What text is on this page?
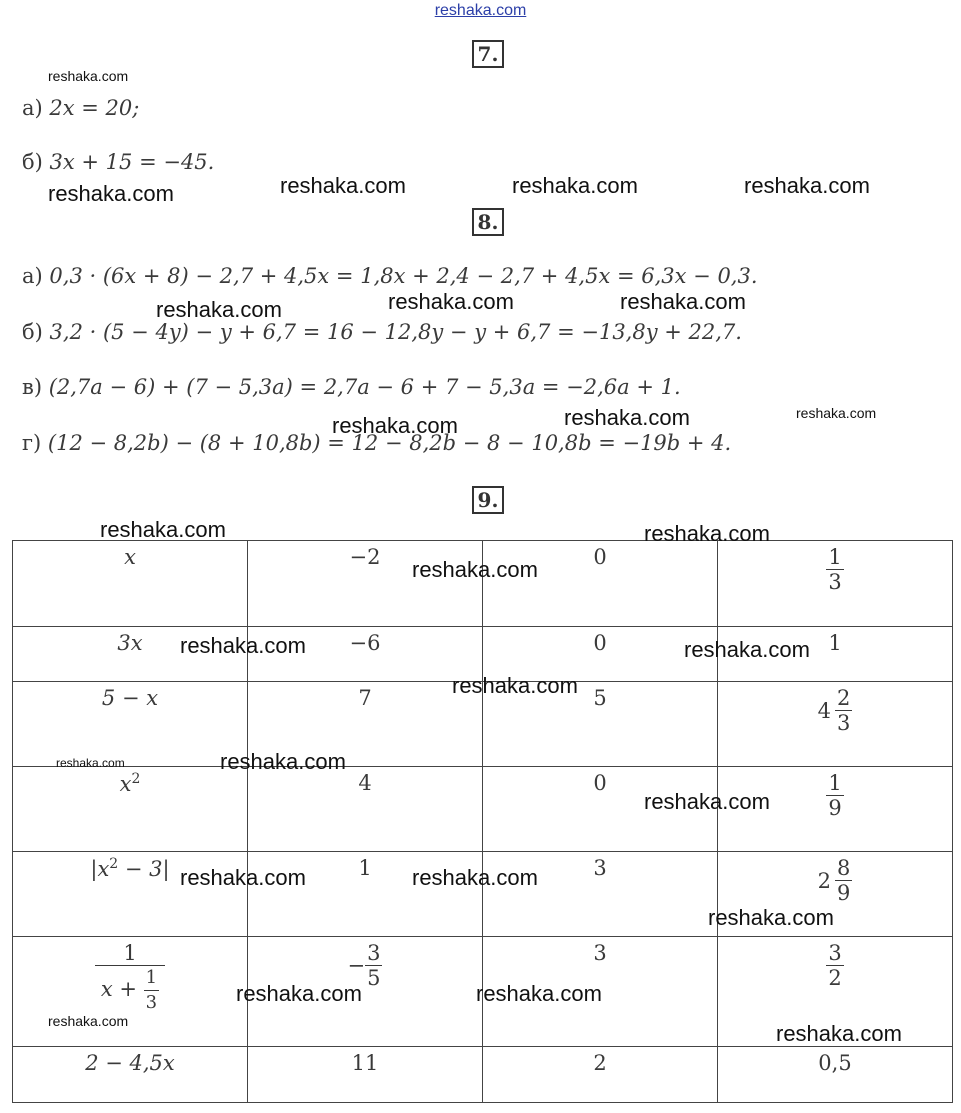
reshaka.com
7.
а) 2x = 20;
б) 3x + 15 = −45.
8.
а) 0,3 · (6x + 8) − 2,7 + 4,5x = 1,8x + 2,4 − 2,7 + 4,5x = 6,3x − 0,3.
б) 3,2 · (5 − 4y) − y + 6,7 = 16 − 12,8y − y + 6,7 = −13,8y + 22,7.
в) (2,7a − 6) + (7 − 5,3a) = 2,7a − 6 + 7 − 5,3a = −2,6a + 1.
г) (12 − 8,2b) − (8 + 10,8b) = 12 − 8,2b − 8 − 10,8b = −19b + 4.
9.
x	−2	0	$\frac{1}{3}$

3x	−6	0	1
5 − x	7	5	$4 \frac{2}{3}$

$x^2$	4	0	$\frac{1}{9}$

$|x^2 - 3|$	1	3	$2 \frac{8}{9}$

$\frac{1}{x + \frac{1}{3}}$	− $\frac{3}{5}$	3	$\frac{3}{2}$

2 − 4,5x	11	2	0,5
reshaka.com
reshaka.com	reshaka.com	reshaka.com	reshaka.com
reshaka.com	reshaka.com	reshaka.com
reshaka.com	reshaka.com	reshaka.com
reshaka.com	reshaka.com
reshaka.com
reshaka.com	reshaka.com
reshaka.com
reshaka.com	reshaka.com
reshaka.com
reshaka.com	reshaka.com
reshaka.com
reshaka.com	reshaka.com
reshaka.com	reshaka.com
